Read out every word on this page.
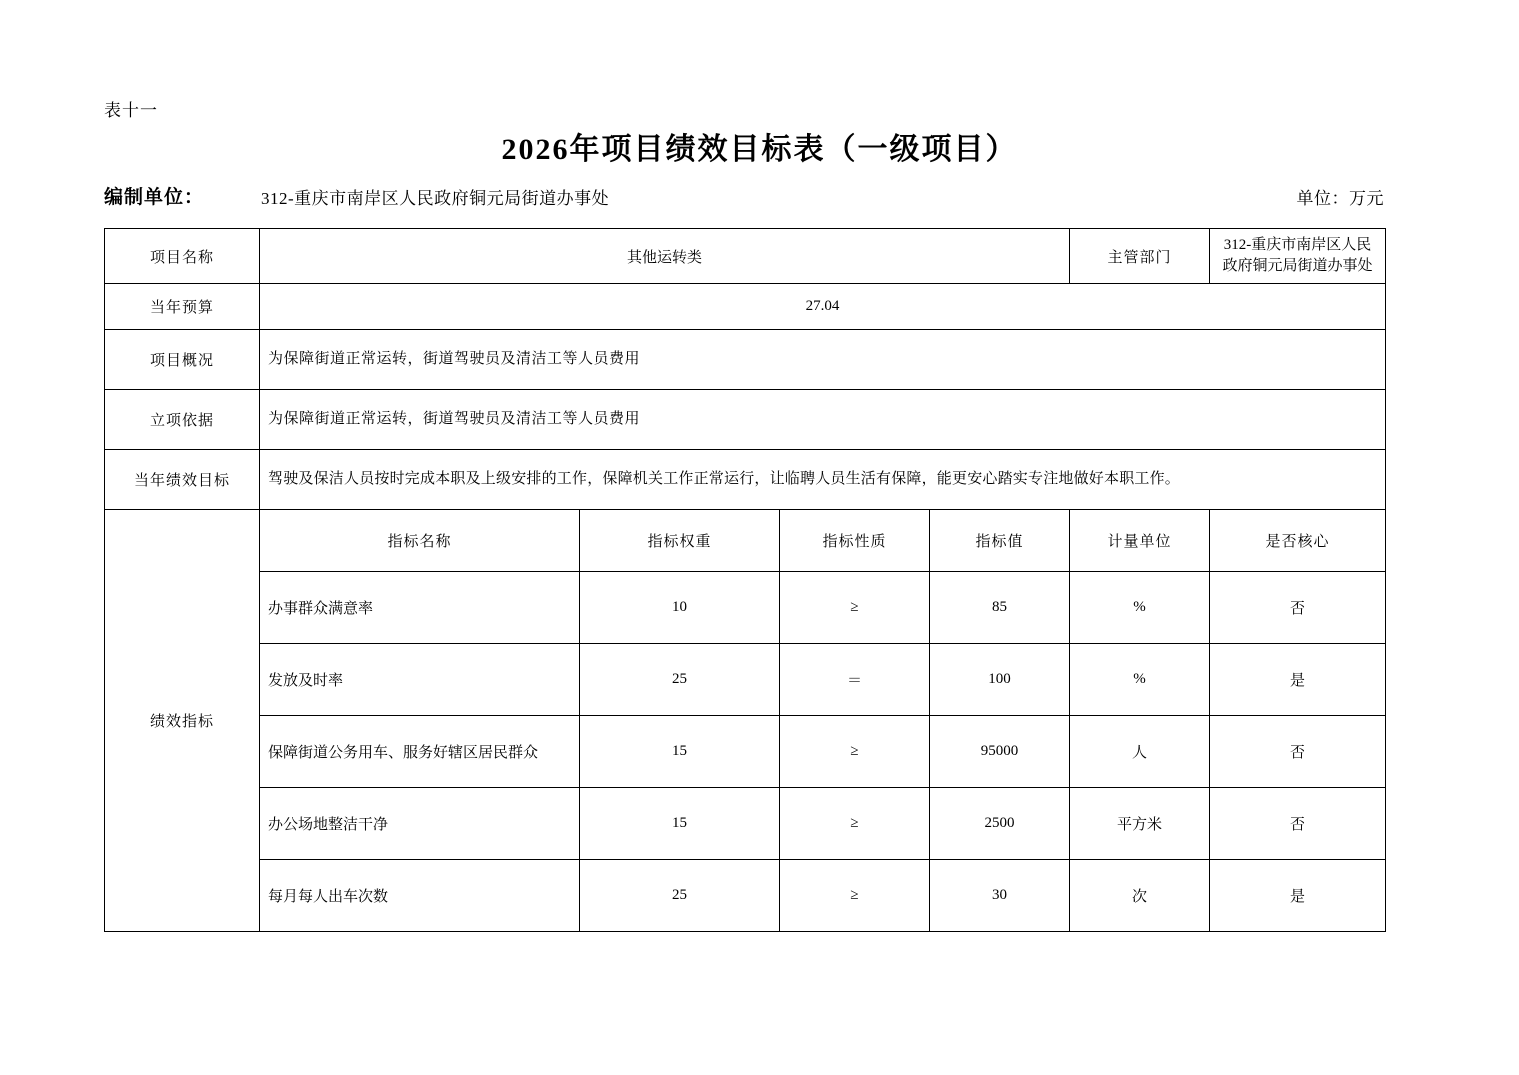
表十一
2026年项目绩效目标表（一级项目）
编制单位：	312-重庆市南岸区人民政府铜元局街道办事处	单位：万元
项目名称	其他运转类				主管部门	312-重庆市南岸区人民政府铜元局街道办事处
当年预算	27.04					
项目概况	为保障街道正常运转，街道驾驶员及清洁工等人员费用					
立项依据	为保障街道正常运转，街道驾驶员及清洁工等人员费用					
当年绩效目标	驾驶及保洁人员按时完成本职及上级安排的工作，保障机关工作正常运行，让临聘人员生活有保障，能更安心踏实专注地做好本职工作。					
绩效指标	指标名称	指标权重	指标性质	指标值	计量单位	是否核心
	办事群众满意率	10	≥	85	%	否
	发放及时率	25	＝	100	%	是
	保障街道公务用车、服务好辖区居民群众	15	≥	95000	人	否
	办公场地整洁干净	15	≥	2500	平方米	否
	每月每人出车次数	25	≥	30	次	是
